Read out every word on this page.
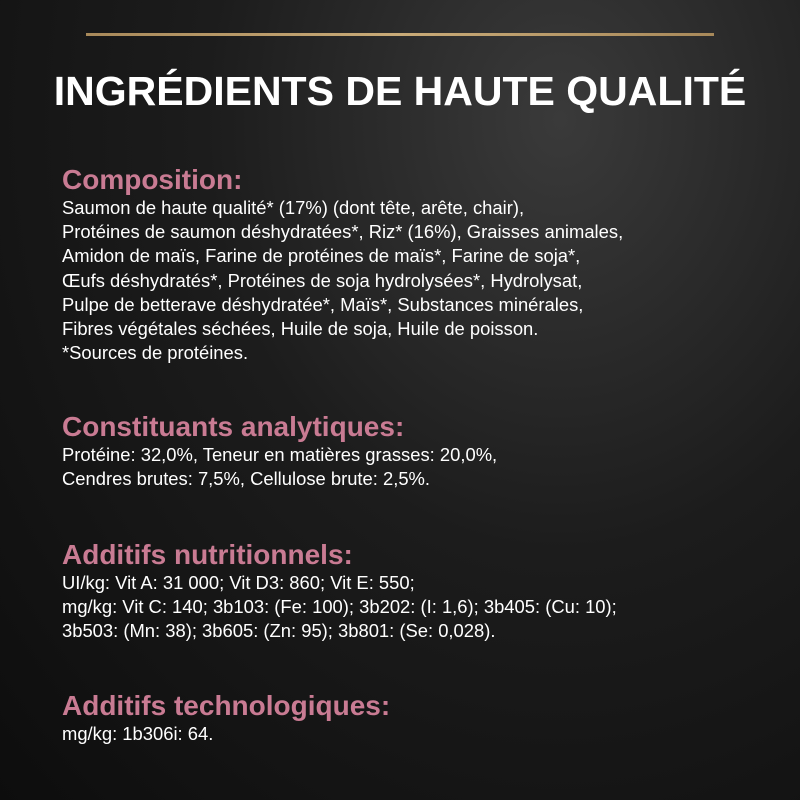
INGRÉDIENTS DE HAUTE QUALITÉ
Composition:
Saumon de haute qualité* (17%) (dont tête, arête, chair),
Protéines de saumon déshydratées*, Riz* (16%), Graisses animales,
Amidon de maïs, Farine de protéines de maïs*, Farine de soja*,
Œufs déshydratés*, Protéines de soja hydrolysées*, Hydrolysat,
Pulpe de betterave déshydratée*, Maïs*, Substances minérales,
Fibres végétales séchées, Huile de soja, Huile de poisson.
*Sources de protéines.
Constituants analytiques:
Protéine: 32,0%, Teneur en matières grasses: 20,0%,
Cendres brutes: 7,5%, Cellulose brute: 2,5%.
Additifs nutritionnels:
UI/kg: Vit A: 31 000; Vit D3: 860; Vit E: 550;
mg/kg: Vit C: 140; 3b103: (Fe: 100); 3b202: (I: 1,6); 3b405: (Cu: 10);
3b503: (Mn: 38); 3b605: (Zn: 95); 3b801: (Se: 0,028).
Additifs technologiques:
mg/kg: 1b306i: 64.
